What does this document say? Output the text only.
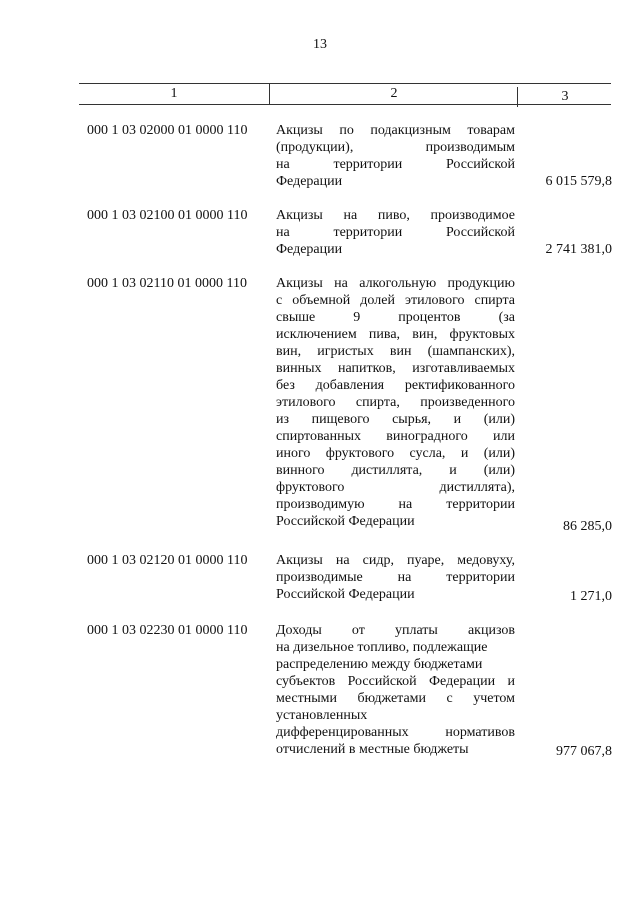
13
1	2	3
000 1 03 02000 01 0000 110 Акцизы по подакцизным товарам
(продукции), производимым
на территории Российской
Федерации	6 015 579,8
000 1 03 02100 01 0000 110 Акцизы на пиво, производимое
на территории Российской
Федерации	2 741 381,0
000 1 03 02110 01 0000 110 Акцизы на алкогольную продукцию
с объемной долей этилового спирта
свыше 9 процентов (за
исключением пива, вин, фруктовых
вин, игристых вин (шампанских),
винных напитков, изготавливаемых
без добавления ректификованного
этилового спирта, произведенного
из пищевого сырья, и (или)
спиртованных виноградного или
иного фруктового сусла, и (или)
винного дистиллята, и (или)
фруктового дистиллята),
производимую на территории
Российской Федерации	86 285,0
000 1 03 02120 01 0000 110 Акцизы на сидр, пуаре, медовуху,
производимые на территории
Российской Федерации	1 271,0
000 1 03 02230 01 0000 110 Доходы от уплаты акцизов
на дизельное топливо, подлежащие
распределению между бюджетами
субъектов Российской Федерации и
местными бюджетами с учетом
установленных
дифференцированных нормативов
отчислений в местные бюджеты	977 067,8
